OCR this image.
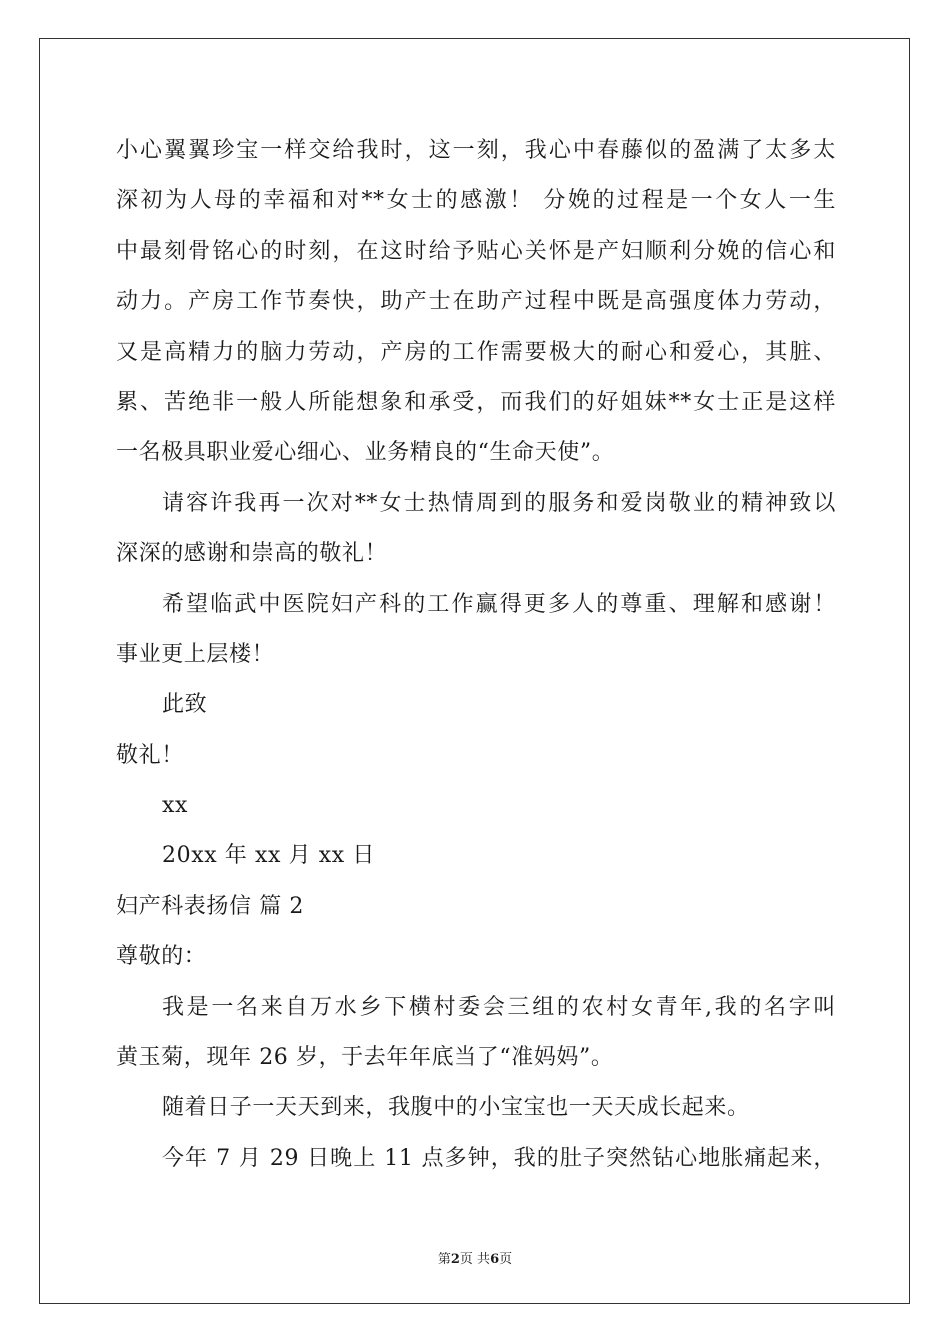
小心翼翼珍宝一样交给我时，这一刻，我心中春藤似的盈满了太多太
深初为人母的幸福和对**女士的感激！ 分娩的过程是一个女人一生
中最刻骨铭心的时刻，在这时给予贴心关怀是产妇顺利分娩的信心和
动力。产房工作节奏快，助产士在助产过程中既是高强度体力劳动，
又是高精力的脑力劳动，产房的工作需要极大的耐心和爱心，其脏、
累、苦绝非一般人所能想象和承受，而我们的好姐妹**女士正是这样
一名极具职业爱心细心、业务精良的“生命天使”。
请容许我再一次对**女士热情周到的服务和爱岗敬业的精神致以
深深的感谢和崇高的敬礼！
希望临武中医院妇产科的工作赢得更多人的尊重、理解和感谢！
事业更上层楼！
此致
敬礼！
xx
20xx 年 xx 月 xx 日
妇产科表扬信 篇 2
尊敬的：
我是一名来自万水乡下横村委会三组的农村女青年,我的名字叫
黄玉菊，现年 26 岁，于去年年底当了“准妈妈”。
随着日子一天天到来，我腹中的小宝宝也一天天成长起来。
今年 7 月 29 日晚上 11 点多钟，我的肚子突然钻心地胀痛起来，
第2页 共6页
